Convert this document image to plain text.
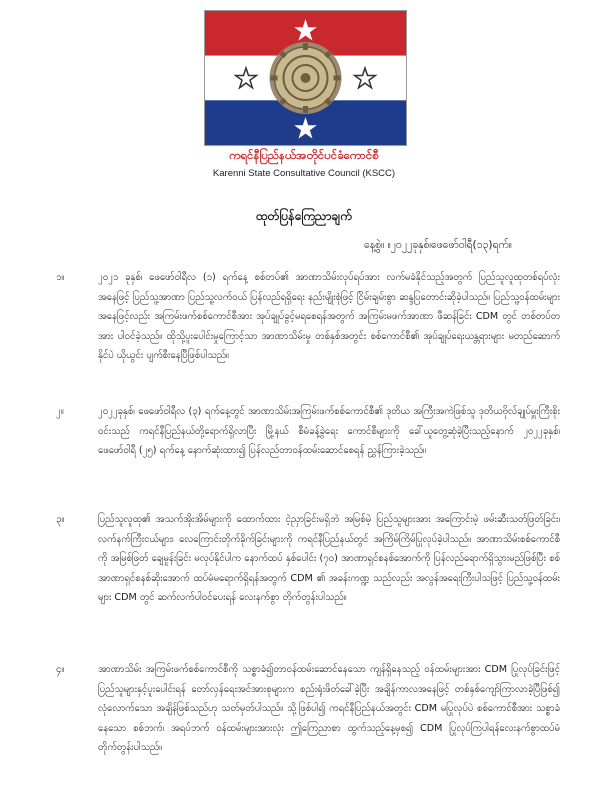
ကရင်နီပြည်နယ်အတိုင်ပင်ခံကောင်စီ
Karenni State Consultative Council (KSCC)
ထုတ်ပြန်ကြေညာချက်
နေ့စွဲ။ ။၂၀၂၂ခုနှစ်၊ဖေဖော်ဝါရီ(၁၃)ရက်။
၁။	၂၀၂၁ ခုနှစ်၊ ဖေဖော်ဝါရီလ (၁) ရက်နေ့ စစ်တပ်၏ အာဏာသိမ်းလုပ်ရပ်အား လက်မခံနိုင်သည့်အတွက် ပြည်သူလူထုတစ်ရပ်လုံးအနေဖြင့် ပြည်သူ့အာဏာ ပြည်သူ့လက်ဝယ် ပြန်လည်ရရှိရေး နည်းမျိုးစုံဖြင့် ငြိမ်းချမ်းစွာ ဆန္ဒပြတောင်းဆိုခဲ့ပါသည်။ ပြည်သူ့ဝန်ထမ်းများ အနေဖြင့်လည်း အကြမ်းဖက်စစ်ကောင်စီအား အုပ်ချုပ်ခွင့်မရစေရန်အတွက် အကြမ်းမဖက်အာဏာ ဖီဆန်ခြင်း CDM တွင် တစ်တပ်တအား ပါဝင်ခဲ့သည်။ ထိုသို့ပူးပေါင်းမှုကြောင့်သာ အာဏာသိမ်းမှု တစ်နှစ်အတွင်း စစ်ကောင်စီ၏ အုပ်ချုပ်ရေးယန္တရားများ မတည်ဆောက်နိုင်ပဲ ယိုယွင်း ပျက်စီးနေပြီဖြစ်ပါသည်။
၂။	၂၀၂၂ခုနှစ်၊ ဖေဖော်ဝါရီလ (၃) ရက်နေ့တွင် အာဏာသိမ်းအကြမ်းဖက်စစ်ကောင်စီ၏ ဒုတိယ အကြီးအကဲဖြစ်သူ ဒုတိယဗိုလ်ချုပ်မှူးကြီးစိုးဝင်းသည် ကရင်နီပြည်နယ်တို့ရောက်ရှိလာပြီး မြို့နယ် စီမံခန့်ခွဲရေး ကောင်စီများကို ခေါ်ယူတွေ့ဆုံခဲ့ပြီးသည့်နောက် ၂၀၂၂ခုနှစ်၊ ဖေဖော်ဝါရီ (၂၅) ရက်နေ့ နောက်ဆုံးထား၍ ပြန်လည်တာဝန်ထမ်းဆောင်စေရန် ညွှန်ကြားခဲ့သည်။
၃။	ပြည်သူလူထု၏ အသက်အိုးအိမ်များကို ထောက်ထား ငဲ့ညှာခြင်းမရှိဘဲ အမြစ်မဲ့ ပြည်သူများအား အကြောင်းမဲ့ ဖမ်းဆီးသတ်ဖြတ်ခြင်း၊ လက်နက်ကြီးငယ်များ၊ လေကြောင်းတိုက်ခိုက်ခြင်းများကို ကရင်နီပြည်နယ်တွင် အကြိမ်ကြိမ်ပြုလုပ်ခဲ့ပါသည်။ အာဏာသိမ်းစစ်ကောင်စီကို အမြစ်ဖြတ် ချေမှုန်းခြင်း မလုပ်နိုင်ပါက နောက်ထပ် နှစ်ပေါင်း (၇၀) အာဏာရှင်စနစ်အောက်ကို ပြန်လည်ရောက်ရှိသွားမည်ဖြစ်ပြီး စစ်အာဏာရှင်စနစ်ဆိုးအောက် ထပ်မံမရောက်ရှိရန်အတွက် CDM ၏ အခန်းကဏ္ဍ သည်လည်း အလွန်အရေးကြီးပါသဖြင့် ပြည်သူ့ဝန်ထမ်းများ CDM တွင် ဆက်လက်ပါဝင်ပေးရန် လေးနက်စွာ တိုက်တွန်းပါသည်။
၄။	အာဏာသိမ်း အကြမ်းဖက်စစ်ကောင်စီကို သစ္စာခံ၍တာဝန်ထမ်းဆောင်နေသော ကျန်ရှိနေသည့် ဝန်ထမ်းများအား CDM ပြုလုပ်ခြင်းဖြင့် ပြည်သူများနှင့်ပူးပေါင်းရန် တော်လှန်ရေးအင်အားစုများက စည်းရုံးဖိတ်ခေါ်ခဲ့ပြီး အချိန်ကာလအနေဖြင့် တစ်နှစ်ကျော်ကြာလာခဲ့ပြီဖြစ်၍ လုံလောက်သော အချိန်ဖြစ်သည်ဟု သတ်မှတ်ပါသည်။ သို့ဖြစ်ပါ၍ ကရင်နီပြည်နယ်အတွင်း CDM မပြုလုပ်ပဲ စစ်ကောင်စီအား သစ္စာခံနေသော စစ်ဘက်၊ အရပ်ဘက် ဝန်ထမ်းများအားလုံး ဤကြေညာစာ ထွက်သည့်နေ့မှစ၍ CDM ပြုလုပ်ကြပါရန်လေးနက်စွာထပ်မံ တိုက်တွန်းပါသည်။
